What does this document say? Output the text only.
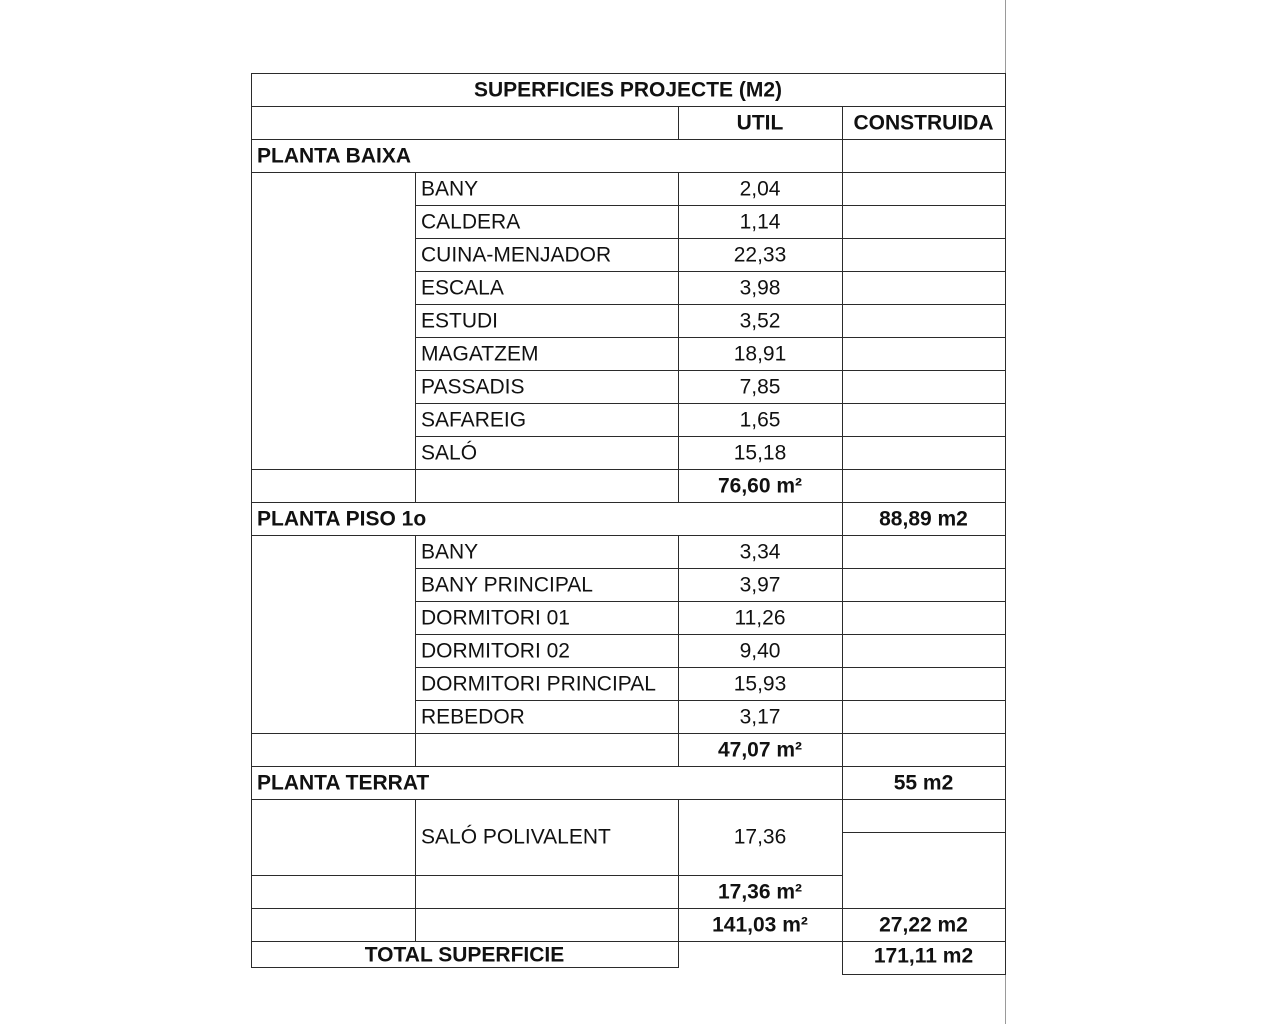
SUPERFICIES PROJECTE (M2)
UTIL	CONSTRUIDA
PLANTA BAIXA
BANY	2,04
CALDERA	1,14
CUINA-MENJADOR	22,33
ESCALA	3,98
ESTUDI	3,52
MAGATZEM	18,91
PASSADIS	7,85
SAFAREIG	1,65
SALÓ	15,18
76,60 m²
PLANTA PISO 1o	88,89 m2
BANY	3,34
BANY PRINCIPAL	3,97
DORMITORI 01	11,26
DORMITORI 02	9,40
DORMITORI PRINCIPAL	15,93
REBEDOR	3,17
47,07 m²
PLANTA TERRAT	55 m2
SALÓ POLIVALENT	17,36
17,36 m²
141,03 m²	27,22 m2
TOTAL SUPERFICIE	171,11 m2
